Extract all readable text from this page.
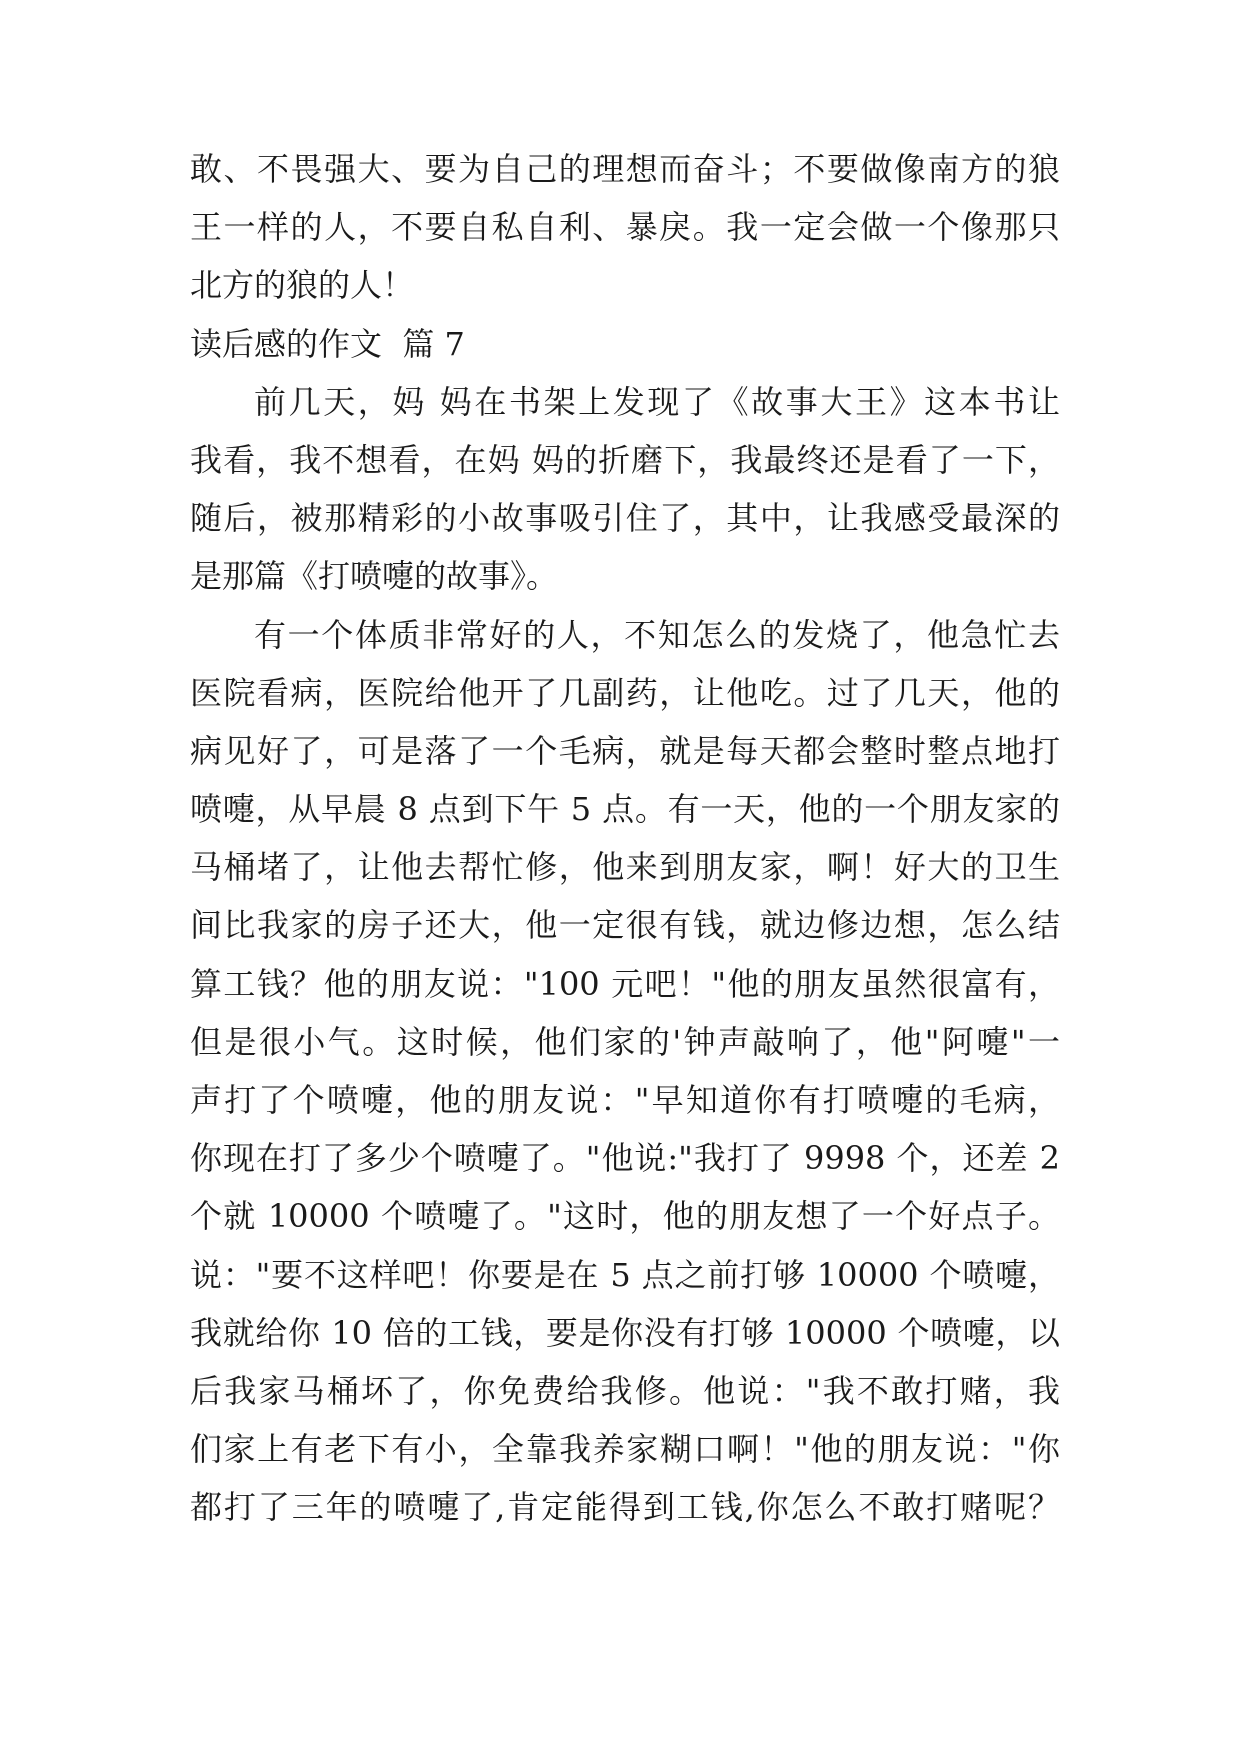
敢、不畏强大、要为自己的理想而奋斗；不要做像南方的狼
王一样的人，不要自私自利、暴戾。我一定会做一个像那只
北方的狼的人！
读后感的作文  篇 7
前几天，妈 妈在书架上发现了《故事大王》这本书让
我看，我不想看，在妈 妈的折磨下，我最终还是看了一下，
随后，被那精彩的小故事吸引住了，其中，让我感受最深的
是那篇《打喷嚏的故事》。
有一个体质非常好的人，不知怎么的发烧了，他急忙去
医院看病，医院给他开了几副药，让他吃。过了几天，他的
病见好了，可是落了一个毛病，就是每天都会整时整点地打
喷嚏，从早晨 8 点到下午 5 点。有一天，他的一个朋友家的
马桶堵了，让他去帮忙修，他来到朋友家，啊！好大的卫生
间比我家的房子还大，他一定很有钱，就边修边想，怎么结
算工钱？他的朋友说："100 元吧！"他的朋友虽然很富有，
但是很小气。这时候，他们家的'钟声敲响了，他"阿嚏"一
声打了个喷嚏，他的朋友说："早知道你有打喷嚏的毛病，
你现在打了多少个喷嚏了。"他说:"我打了 9998 个，还差 2
个就 10000 个喷嚏了。"这时，他的朋友想了一个好点子。
说："要不这样吧！你要是在 5 点之前打够 10000 个喷嚏，
我就给你 10 倍的工钱，要是你没有打够 10000 个喷嚏，以
后我家马桶坏了，你免费给我修。他说："我不敢打赌，我
们家上有老下有小，全靠我养家糊口啊！"他的朋友说："你
都打了三年的喷嚏了,肯定能得到工钱,你怎么不敢打赌呢？
